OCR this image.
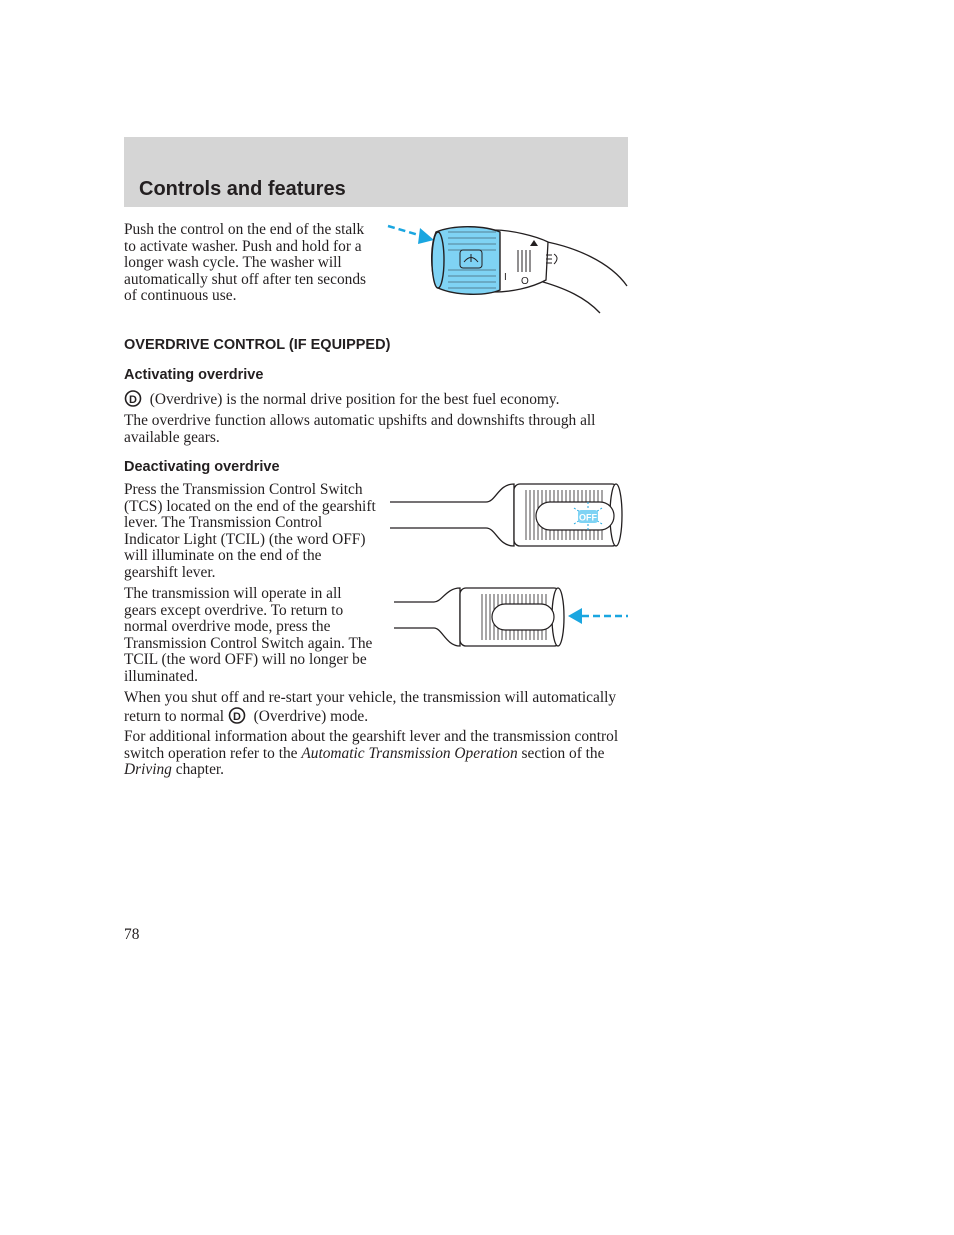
Controls and features

Push the control on the end of the stalk to activate washer. Push and hold for a longer wash cycle. The washer will automatically shut off after ten seconds of continuous use.

I O

OVERDRIVE CONTROL (IF EQUIPPED)

Activating overdrive

D (Overdrive) is the normal drive position for the best fuel economy.

The overdrive function allows automatic upshifts and downshifts through all available gears.

Deactivating overdrive

Press the Transmission Control Switch (TCS) located on the end of the gearshift lever. The Transmission Control Indicator Light (TCIL) (the word OFF) will illuminate on the end of the gearshift lever.

OFF

The transmission will operate in all gears except overdrive. To return to normal overdrive mode, press the Transmission Control Switch again. The TCIL (the word OFF) will no longer be illuminated.

When you shut off and re-start your vehicle, the transmission will automatically return to normal D (Overdrive) mode.

For additional information about the gearshift lever and the transmission control switch operation refer to the Automatic Transmission Operation section of the Driving chapter.

78
